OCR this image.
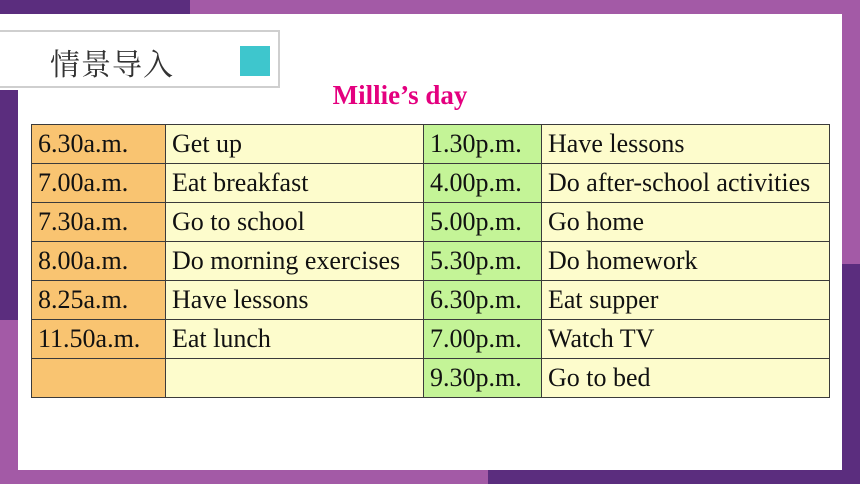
情景导入
Millie’s day
6.30a.m.	Get up	1.30p.m.	Have lessons
7.00a.m.	Eat breakfast	4.00p.m.	Do after-school activities
7.30a.m.	Go to school	5.00p.m.	Go home
8.00a.m.	Do morning exercises	5.30p.m.	Do homework
8.25a.m.	Have lessons	6.30p.m.	Eat supper
11.50a.m.	Eat lunch	7.00p.m.	Watch TV
		9.30p.m.	Go to bed
